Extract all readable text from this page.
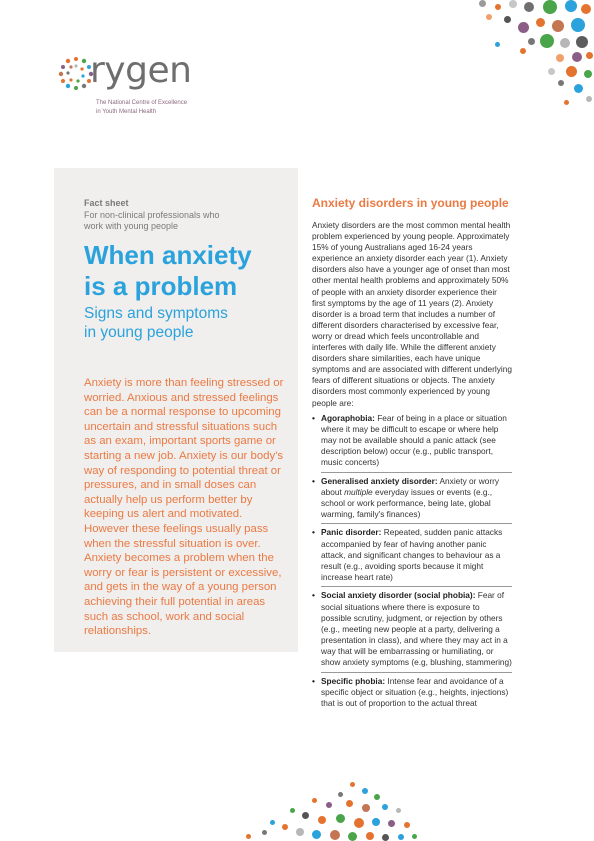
rygen
The National Centre of Excellence
in Youth Mental Health
Fact sheet
For non-clinical professionals who work with young people
When anxiety
is a problem
Signs and symptoms
in young people
Anxiety is more than feeling stressed or worried. Anxious and stressed feelings can be a normal response to upcoming uncertain and stressful situations such as an exam, important sports game or starting a new job. Anxiety is our body's way of responding to potential threat or pressures, and in small doses can actually help us perform better by keeping us alert and motivated. However these feelings usually pass when the stressful situation is over. Anxiety becomes a problem when the worry or fear is persistent or excessive, and gets in the way of a young person achieving their full potential in areas such as school, work and social relationships.
Anxiety disorders in young people

Anxiety disorders are the most common mental health problem experienced by young people. Approximately 15% of young Australians aged 16-24 years experience an anxiety disorder each year (1). Anxiety disorders also have a younger age of onset than most other mental health problems and approximately 50% of people with an anxiety disorder experience their first symptoms by the age of 11 years (2). Anxiety disorder is a broad term that includes a number of different disorders characterised by excessive fear, worry or dread which feels uncontrollable and interferes with daily life. While the different anxiety disorders share similarities, each have unique symptoms and are associated with different underlying fears of different situations or objects. The anxiety disorders most commonly experienced by young people are:

• Agoraphobia: Fear of being in a place or situation where it may be difficult to escape or where help may not be available should a panic attack (see description below) occur (e.g., public transport, music concerts)
• Generalised anxiety disorder: Anxiety or worry about multiple everyday issues or events (e.g., school or work performance, being late, global warming, family's finances)
• Panic disorder: Repeated, sudden panic attacks accompanied by fear of having another panic attack, and significant changes to behaviour as a result (e.g., avoiding sports because it might increase heart rate)
• Social anxiety disorder (social phobia): Fear of social situations where there is exposure to possible scrutiny, judgment, or rejection by others (e.g., meeting new people at a party, delivering a presentation in class), and where they may act in a way that will be embarrassing or humiliating, or show anxiety symptoms (e.g, blushing, stammering)
• Specific phobia: Intense fear and avoidance of a specific object or situation (e.g., heights, injections) that is out of proportion to the actual threat
